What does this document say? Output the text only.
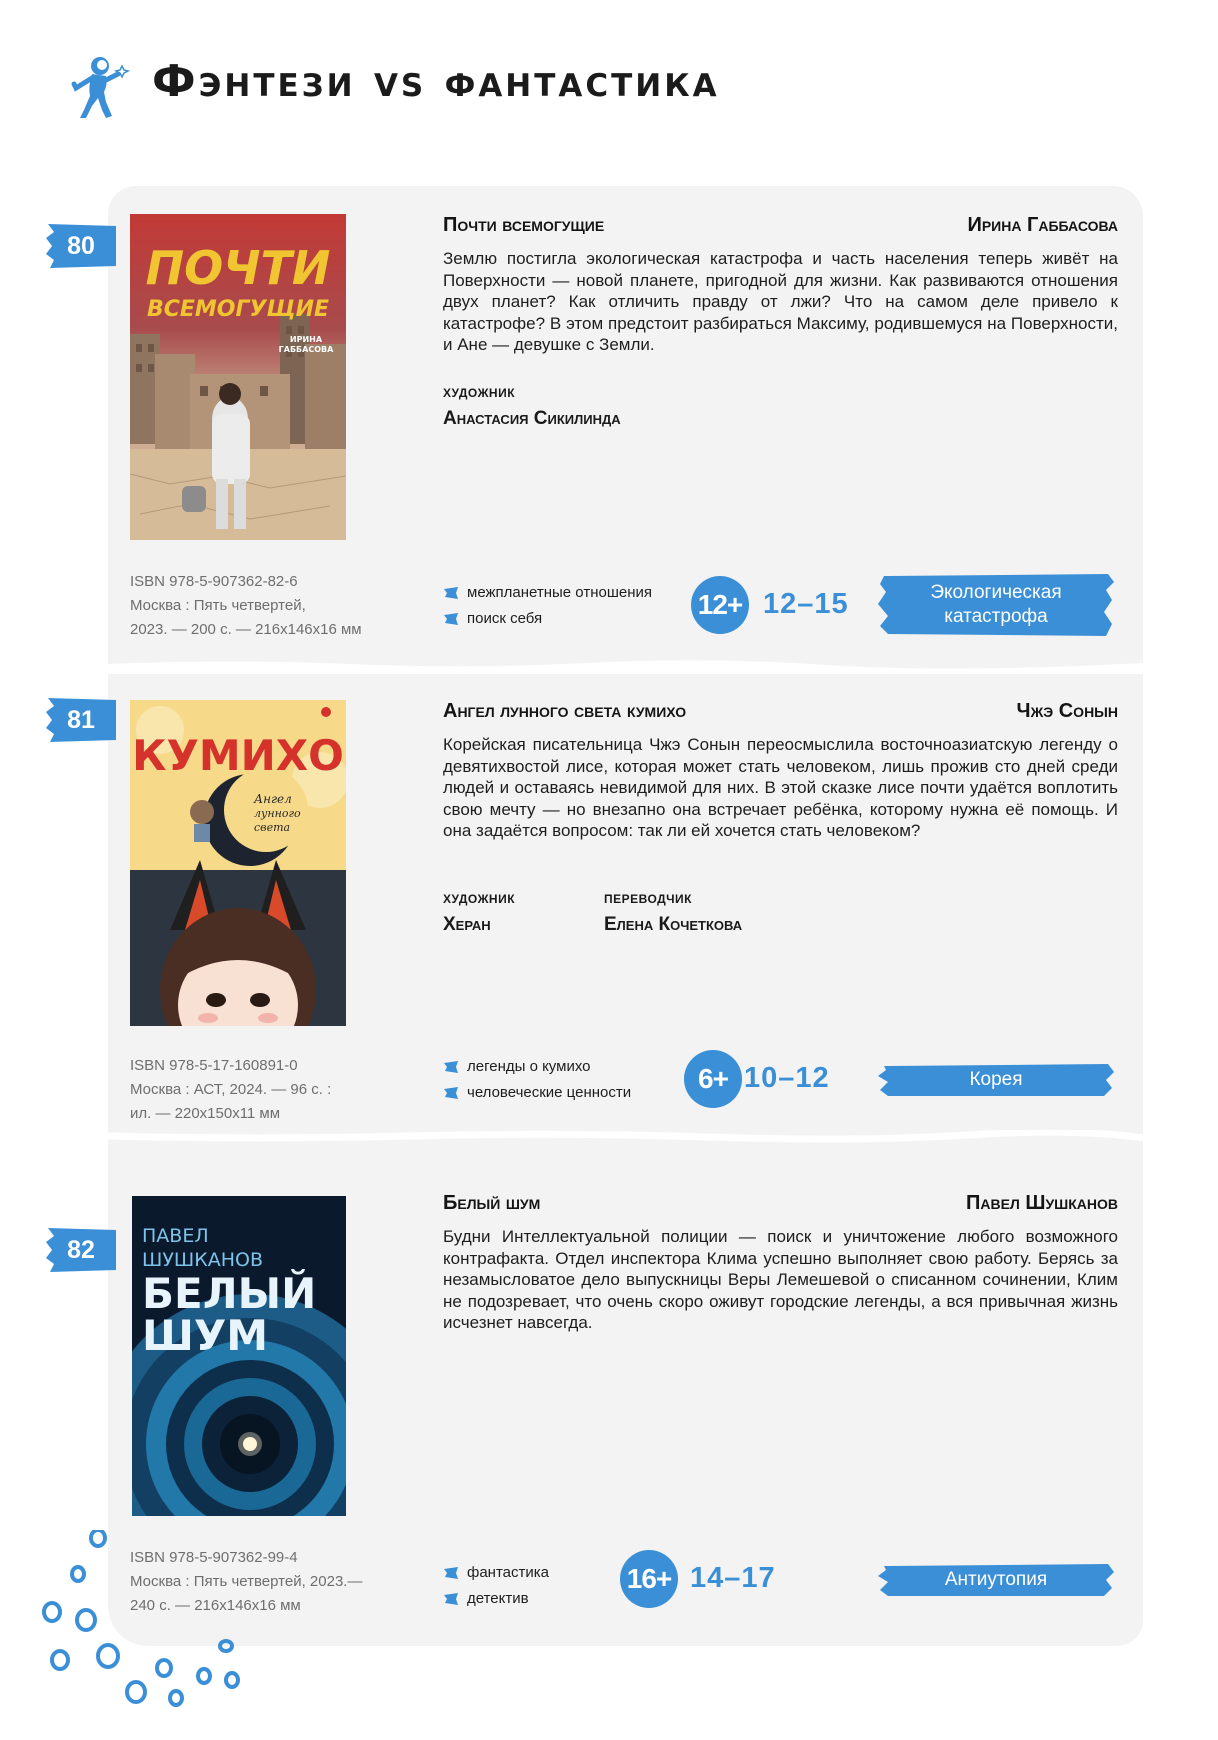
Фэнтези vs фантастика
80	ПОЧТИ
ВСЕМОГУЩИЕ
ИРИНА
ГАББАСОВА
Почти всемогущие	Ирина Габбасова
Землю постигла экологическая катастрофа и часть населения теперь живёт на Поверхности — новой планете, пригодной для жизни. Как развиваются отношения двух планет? Как отличить правду от лжи? Что на самом деле привело к катастрофе? В этом предстоит разбираться Максиму, родившемуся на Поверхности, и Ане — девушке с Земли.
художник
Анастасия Сикилинда
ISBN 978-5-907362-82-6
Москва : Пять четвертей,
2023. — 200 с. — 216х146х16 мм
межпланетные отношения
поиск себя	12+ 12–15	Экологическая
катастрофа
81
КУМИХО
Ангел
лунного
света
Ангел лунного света кумихо	Чжэ Сонын
Корейская писательница Чжэ Сонын переосмыслила восточноазиатскую легенду о девятихвостой лисе, которая может стать человеком, лишь прожив сто дней среди людей и оставаясь невидимой для них. В этой сказке лисе почти удаётся воплотить свою мечту — но внезапно она встречает ребёнка, которому нужна её помощь. И она задаётся вопросом: так ли ей хочется стать человеком?
художник
Херан
переводчик
Елена Кочеткова
ISBN 978-5-17-160891-0
Москва : АСТ, 2024. — 96 с. :
ил. — 220х150х11 мм
легенды о кумихо
человеческие ценности	6+ 10–12	Корея
82	ПАВЕЛ
ШУШКАНОВ
БЕЛЫЙ
ШУМ
Белый шум	Павел Шушканов
Будни Интеллектуальной полиции — поиск и уничтожение любого возможного контрафакта. Отдел инспектора Клима успешно выполняет свою работу. Берясь за незамысловатое дело выпускницы Веры Лемешевой о списанном сочинении, Клим не подозревает, что очень скоро оживут городские легенды, а вся привычная жизнь исчезнет навсегда.
ISBN 978-5-907362-99-4
Москва : Пять четвертей, 2023.—
240 с. — 216х146х16 мм
фантастика
детектив
16+ 14–17	Антиутопия
